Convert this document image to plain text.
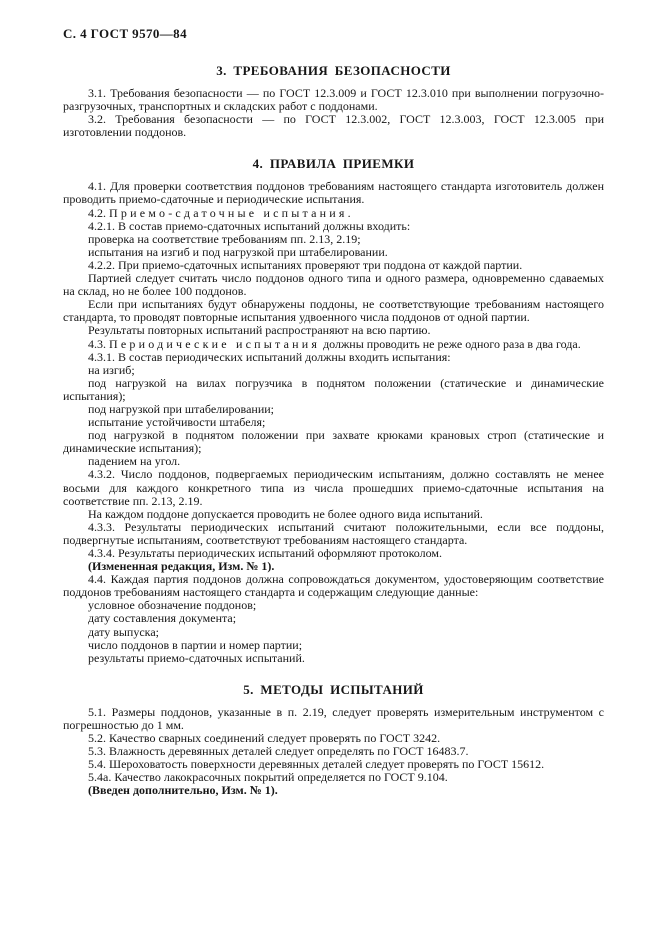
С. 4 ГОСТ 9570—84
3. ТРЕБОВАНИЯ БЕЗОПАСНОСТИ

3.1. Требования безопасности — по ГОСТ 12.3.009 и ГОСТ 12.3.010 при выполнении погрузочно-разгрузочных, транспортных и складских работ с поддонами.

3.2. Требования безопасности — по ГОСТ 12.3.002, ГОСТ 12.3.003, ГОСТ 12.3.005 при изготовлении поддонов.

4. ПРАВИЛА ПРИЕМКИ

4.1. Для проверки соответствия поддонов требованиям настоящего стандарта изготовитель должен проводить приемо-сдаточные и периодические испытания.

4.2. Приемо-сдаточные испытания.

4.2.1. В состав приемо-сдаточных испытаний должны входить:

проверка на соответствие требованиям пп. 2.13, 2.19;

испытания на изгиб и под нагрузкой при штабелировании.

4.2.2. При приемо-сдаточных испытаниях проверяют три поддона от каждой партии.

Партией следует считать число поддонов одного типа и одного размера, одновременно сдаваемых на склад, но не более 100 поддонов.

Если при испытаниях будут обнаружены поддоны, не соответствующие требованиям настоящего стандарта, то проводят повторные испытания удвоенного числа поддонов от одной партии.

Результаты повторных испытаний распространяют на всю партию.

4.3. Периодические испытания должны проводить не реже одного раза в два года.

4.3.1. В состав периодических испытаний должны входить испытания:

на изгиб;

под нагрузкой на вилах погрузчика в поднятом положении (статические и динамические испытания);

под нагрузкой при штабелировании;

испытание устойчивости штабеля;

под нагрузкой в поднятом положении при захвате крюками крановых строп (статические и динамические испытания);

падением на угол.

4.3.2. Число поддонов, подвергаемых периодическим испытаниям, должно составлять не менее восьми для каждого конкретного типа из числа прошедших приемо-сдаточные испытания на соответствие пп. 2.13, 2.19.

На каждом поддоне допускается проводить не более одного вида испытаний.

4.3.3. Результаты периодических испытаний считают положительными, если все поддоны, подвергнутые испытаниям, соответствуют требованиям настоящего стандарта.

4.3.4. Результаты периодических испытаний оформляют протоколом.

(Измененная редакция, Изм. № 1).

4.4. Каждая партия поддонов должна сопровождаться документом, удостоверяющим соответствие поддонов требованиям настоящего стандарта и содержащим следующие данные:

условное обозначение поддонов;

дату составления документа;

дату выпуска;

число поддонов в партии и номер партии;

результаты приемо-сдаточных испытаний.

5. МЕТОДЫ ИСПЫТАНИЙ

5.1. Размеры поддонов, указанные в п. 2.19, следует проверять измерительным инструментом с погрешностью до 1 мм.

5.2. Качество сварных соединений следует проверять по ГОСТ 3242.

5.3. Влажность деревянных деталей следует определять по ГОСТ 16483.7.

5.4. Шероховатость поверхности деревянных деталей следует проверять по ГОСТ 15612.

5.4а. Качество лакокрасочных покрытий определяется по ГОСТ 9.104.

(Введен дополнительно, Изм. № 1).
